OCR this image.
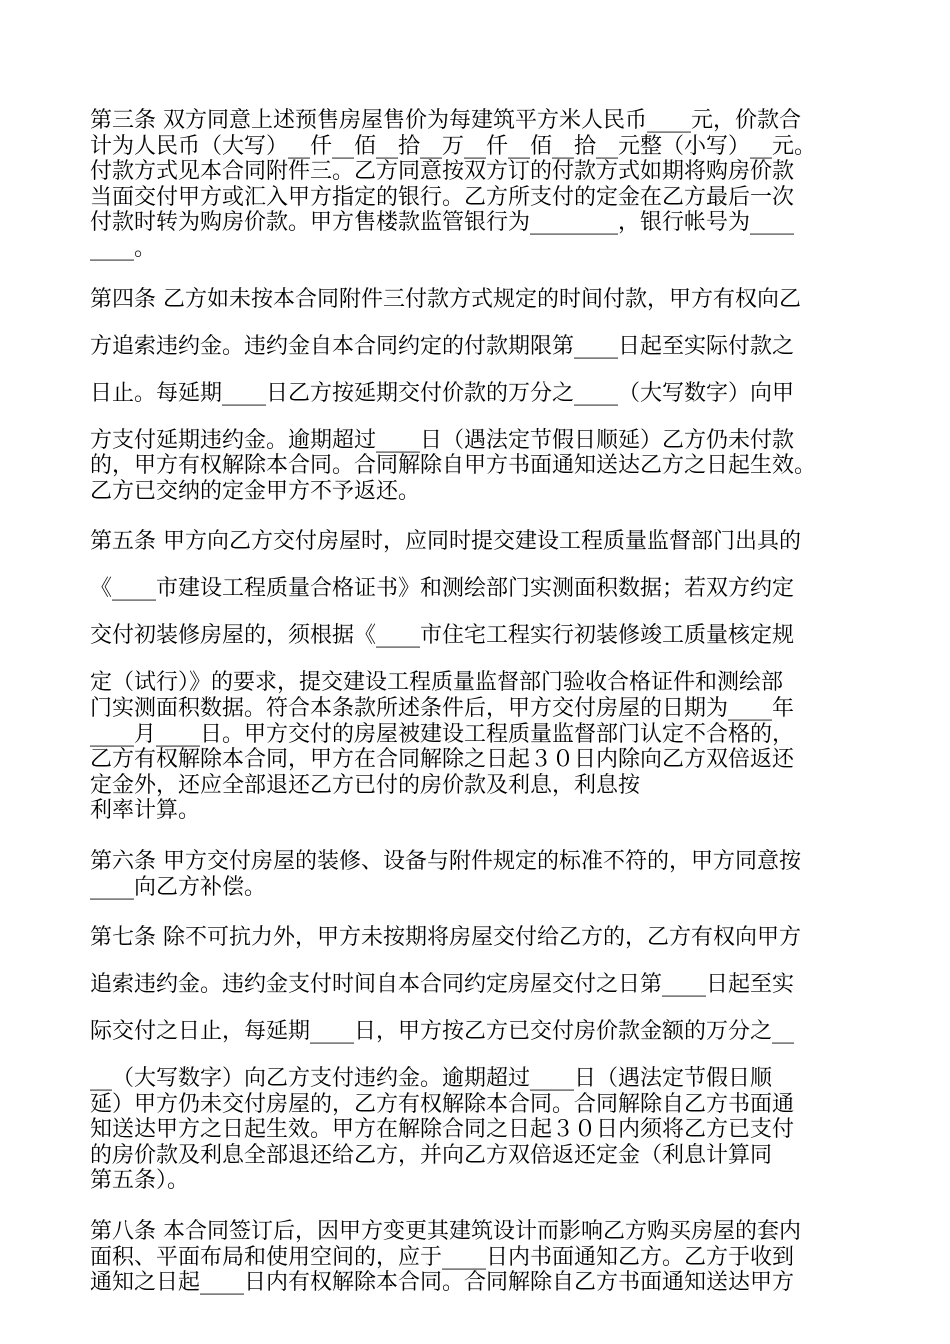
第三条 双方同意上述预售房屋售价为每建筑平方米人民币____元，价款合
计为人民币（大写）__仟__佰__拾__万__仟__佰__拾__元整（小写）__元。
付款方式见本合同附件三。乙方同意按双方订的付款方式如期将购房价款
当面交付甲方或汇入甲方指定的银行。乙方所支付的定金在乙方最后一次
付款时转为购房价款。甲方售楼款监管银行为________，银行帐号为____
____。
第四条 乙方如未按本合同附件三付款方式规定的时间付款，甲方有权向乙
方追索违约金。违约金自本合同约定的付款期限第____日起至实际付款之
日止。每延期____日乙方按延期交付价款的万分之____（大写数字）向甲
方支付延期违约金。逾期超过____日（遇法定节假日顺延）乙方仍未付款
的，甲方有权解除本合同。合同解除自甲方书面通知送达乙方之日起生效。
乙方已交纳的定金甲方不予返还。
第五条 甲方向乙方交付房屋时，应同时提交建设工程质量监督部门出具的
《____市建设工程质量合格证书》和测绘部门实测面积数据；若双方约定
交付初装修房屋的，须根据《____市住宅工程实行初装修竣工质量核定规
定（试行）》的要求，提交建设工程质量监督部门验收合格证件和测绘部
门实测面积数据。符合本条款所述条件后，甲方交付房屋的日期为____年
____月____日。甲方交付的房屋被建设工程质量监督部门认定不合格的，
乙方有权解除本合同，甲方在合同解除之日起３０日内除向乙方双倍返还
定金外，还应全部退还乙方已付的房价款及利息，利息按
利率计算。
第六条 甲方交付房屋的装修、设备与附件规定的标准不符的，甲方同意按
____向乙方补偿。
第七条 除不可抗力外，甲方未按期将房屋交付给乙方的，乙方有权向甲方
追索违约金。违约金支付时间自本合同约定房屋交付之日第____日起至实
际交付之日止，每延期____日，甲方按乙方已交付房价款金额的万分之__
__（大写数字）向乙方支付违约金。逾期超过____日（遇法定节假日顺
延）甲方仍未交付房屋的，乙方有权解除本合同。合同解除自乙方书面通
知送达甲方之日起生效。甲方在解除合同之日起３０日内须将乙方已支付
的房价款及利息全部退还给乙方，并向乙方双倍返还定金（利息计算同
第五条）。
第八条 本合同签订后，因甲方变更其建筑设计而影响乙方购买房屋的套内
面积、平面布局和使用空间的，应于____日内书面通知乙方。乙方于收到
通知之日起____日内有权解除本合同。合同解除自乙方书面通知送达甲方
